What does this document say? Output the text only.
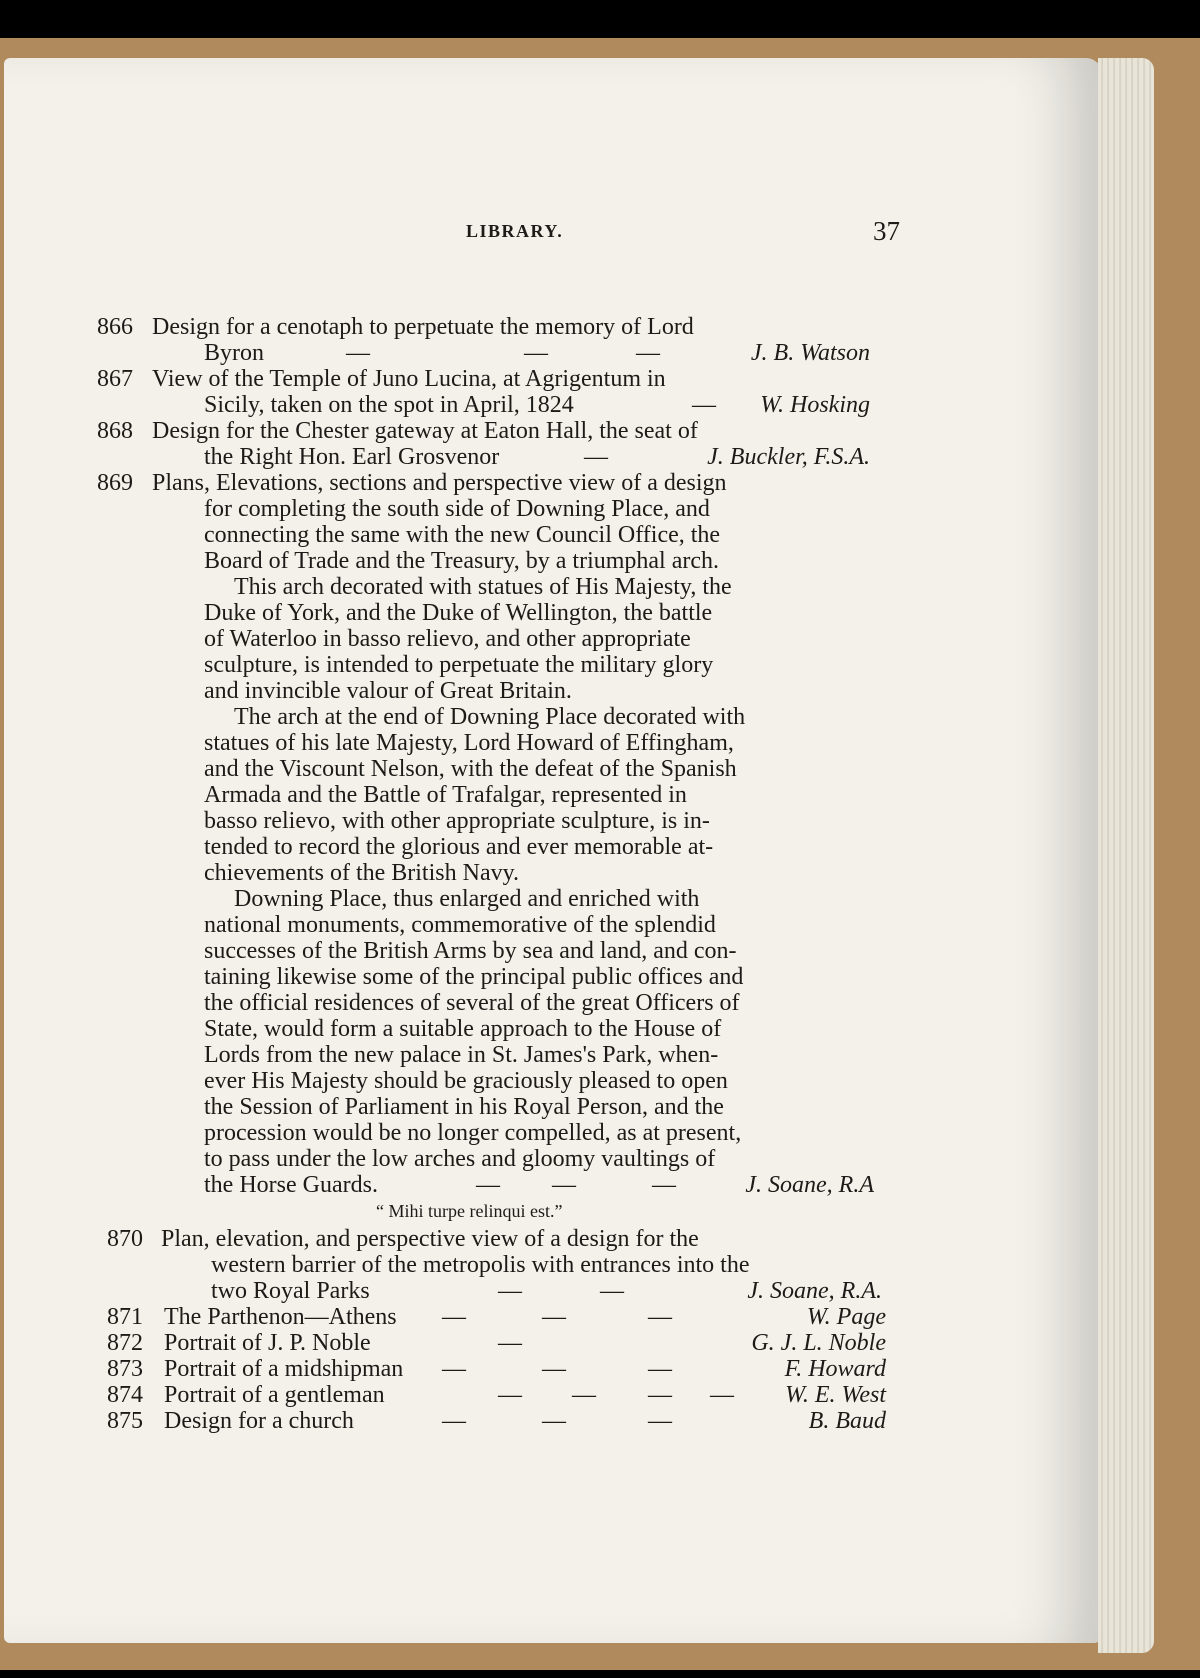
LIBRARY.	37
866 Design for a cenotaph to perpetuate the memory of Lord
Byron	—	—	—	J. B. Watson
867 View of the Temple of Juno Lucina, at Agrigentum in
Sicily, taken on the spot in April, 1824	— W. Hosking
868 Design for the Chester gateway at Eaton Hall, the seat of
the Right Hon. Earl Grosvenor	—	J. Buckler, F.S.A.
869 Plans, Elevations, sections and perspective view of a design
for completing the south side of Downing Place, and
connecting the same with the new Council Office, the
Board of Trade and the Treasury, by a triumphal arch.
This arch decorated with statues of His Majesty, the
Duke of York, and the Duke of Wellington, the battle
of Waterloo in basso relievo, and other appropriate
sculpture, is intended to perpetuate the military glory
and invincible valour of Great Britain.
The arch at the end of Downing Place decorated with
statues of his late Majesty, Lord Howard of Effingham,
and the Viscount Nelson, with the defeat of the Spanish
Armada and the Battle of Trafalgar, represented in
basso relievo, with other appropriate sculpture, is in-
tended to record the glorious and ever memorable at-
chievements of the British Navy.
Downing Place, thus enlarged and enriched with
national monuments, commemorative of the splendid
successes of the British Arms by sea and land, and con-
taining likewise some of the principal public offices and
the official residences of several of the great Officers of
State, would form a suitable approach to the House of
Lords from the new palace in St. James's Park, when-
ever His Majesty should be graciously pleased to open
the Session of Parliament in his Royal Person, and the
procession would be no longer compelled, as at present,
to pass under the low arches and gloomy vaultings of
the Horse Guards.	— —	—	J. Soane, R.A
“ Mihi turpe relinqui est.”
870 Plan, elevation, and perspective view of a design for the
western barrier of the metropolis with entrances into the
two Royal Parks	—	—	J. Soane, R.A.
871 The Parthenon—Athens —	—	—	W. Page
872 Portrait of J. P. Noble	—	G. J. L. Noble
873 Portrait of a midshipman —	—	—	F. Howard
874 Portrait of a gentleman	— — — — W. E. West
875 Design for a church	—	—	—	B. Baud
